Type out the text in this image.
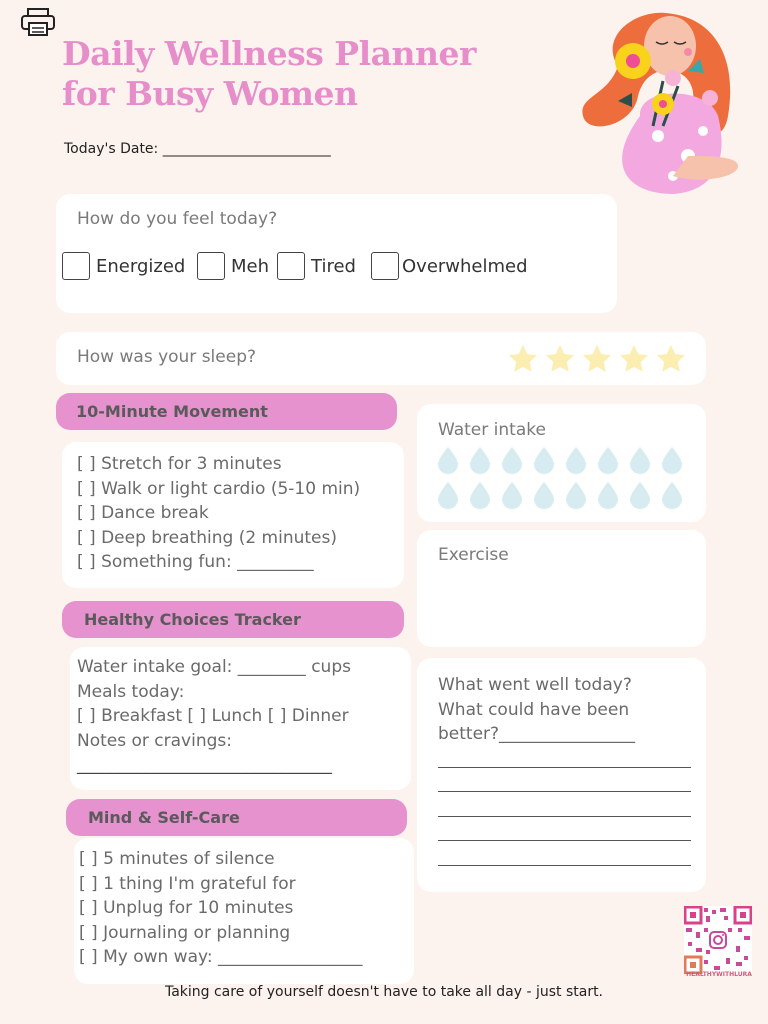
Daily Wellness Planner
for Busy Women
Today's Date: ________________________
How do you feel today?
Energized	Meh Tired	Overwhelmed
How was your sleep?
10-Minute Movement
[ ] Stretch for 3 minutes
[ ] Walk or light cardio (5-10 min)
[ ] Dance break
[ ] Deep breathing (2 minutes)
[ ] Something fun: _________
Water intake
Exercise
Healthy Choices Tracker
Water intake goal: ________ cups
Meals today:
[ ] Breakfast [ ] Lunch [ ] Dinner
Notes or cravings:
______________________________
What went well today?
What could have been
better?________________
Mind & Self-Care
[ ] 5 minutes of silence
[ ] 1 thing I'm grateful for
[ ] Unplug for 10 minutes
[ ] Journaling or planning
[ ] My own way: _________________
HEALTHYWITHLURA
Taking care of yourself doesn't have to take all day - just start.
